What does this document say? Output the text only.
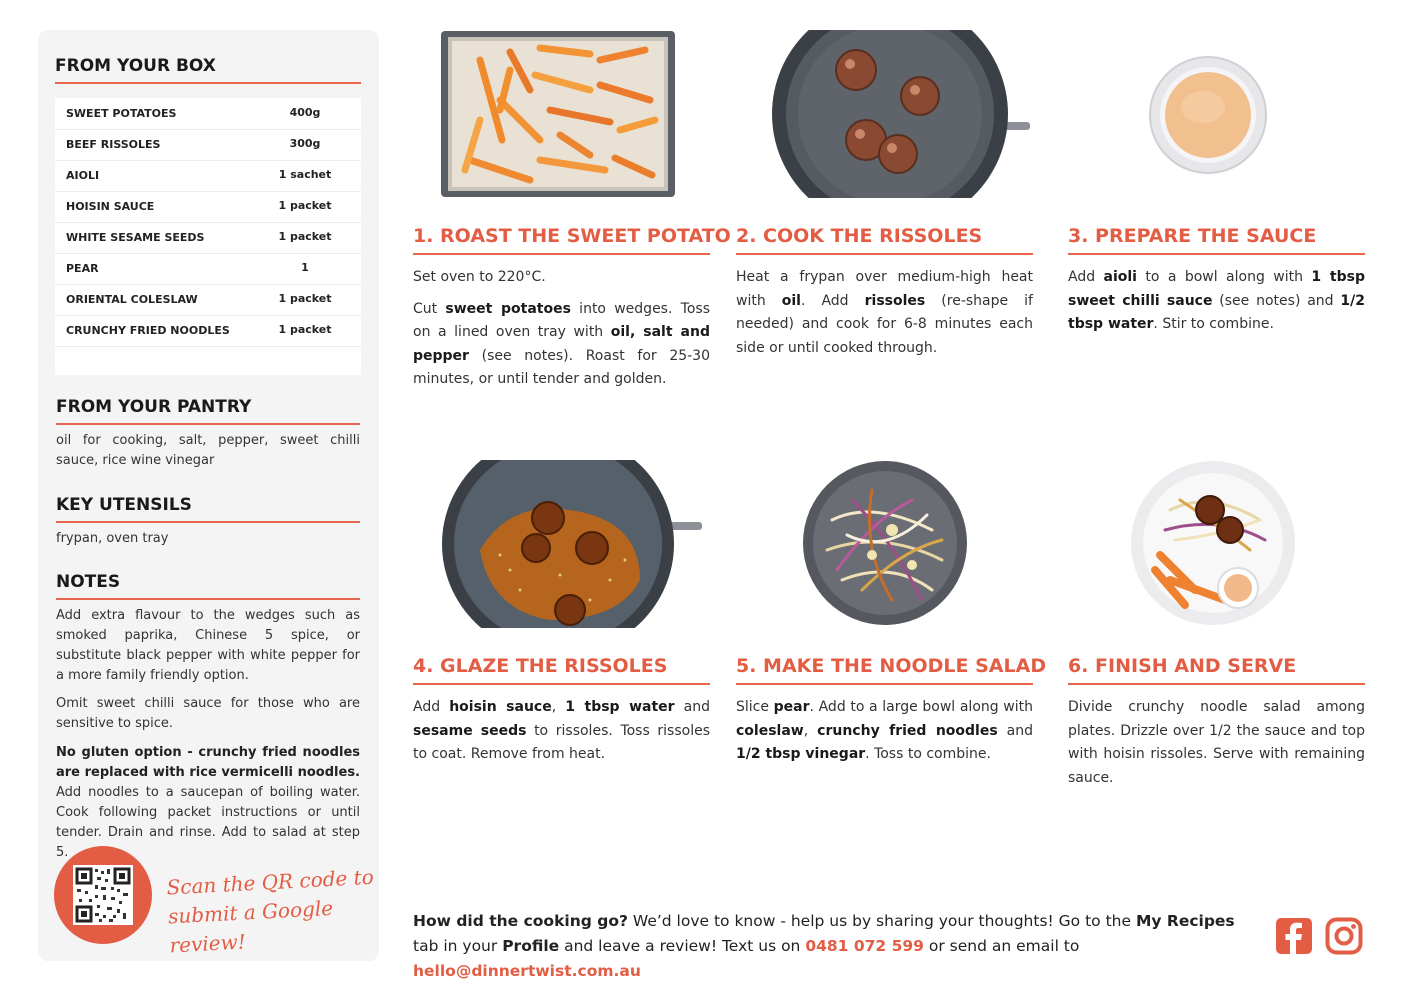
FROM YOUR BOX
SWEET POTATOES	400g
BEEF RISSOLES	300g
AIOLI	1 sachet
HOISIN SAUCE	1 packet
WHITE SESAME SEEDS	1 packet
PEAR	1
ORIENTAL COLESLAW	1 packet
CRUNCHY FRIED NOODLES	1 packet
FROM YOUR PANTRY

oil for cooking, salt, pepper, sweet chilli sauce, rice wine vinegar

KEY UTENSILS

frypan, oven tray

NOTES

Add extra flavour to the wedges such as smoked paprika, Chinese 5 spice, or substitute black pepper with white pepper for a more family friendly option.

Omit sweet chilli sauce for those who are sensitive to spice.

No gluten option - crunchy fried noodles are replaced with rice vermicelli noodles. Add noodles to a saucepan of boiling water. Cook following packet instructions or until tender. Drain and rinse. Add to salad at step 5.

Scan the QR code to
submit a Google review!
1. ROAST THE SWEET POTATO

Set oven to 220°C.

Cut sweet potatoes into wedges. Toss on a lined oven tray with oil, salt and pepper (see notes). Roast for 25-30 minutes, or until tender and golden.

2. COOK THE RISSOLES

Heat a frypan over medium-high heat with oil. Add rissoles (re-shape if needed) and cook for 6-8 minutes each side or until cooked through.

3. PREPARE THE SAUCE

Add aioli to a bowl along with 1 tbsp sweet chilli sauce (see notes) and 1/2 tbsp water. Stir to combine.

4. GLAZE THE RISSOLES

Add hoisin sauce, 1 tbsp water and sesame seeds to rissoles. Toss rissoles to coat. Remove from heat.

5. MAKE THE NOODLE SALAD

Slice pear. Add to a large bowl along with coleslaw, crunchy fried noodles and 1/2 tbsp vinegar. Toss to combine.

6. FINISH AND SERVE

Divide crunchy noodle salad among plates. Drizzle over 1/2 the sauce and top with hoisin rissoles. Serve with remaining sauce.

How did the cooking go? We’d love to know - help us by sharing your thoughts! Go to the My Recipes tab in your Profile and leave a review! Text us on 0481 072 599 or send an email to hello@dinnertwist.com.au
